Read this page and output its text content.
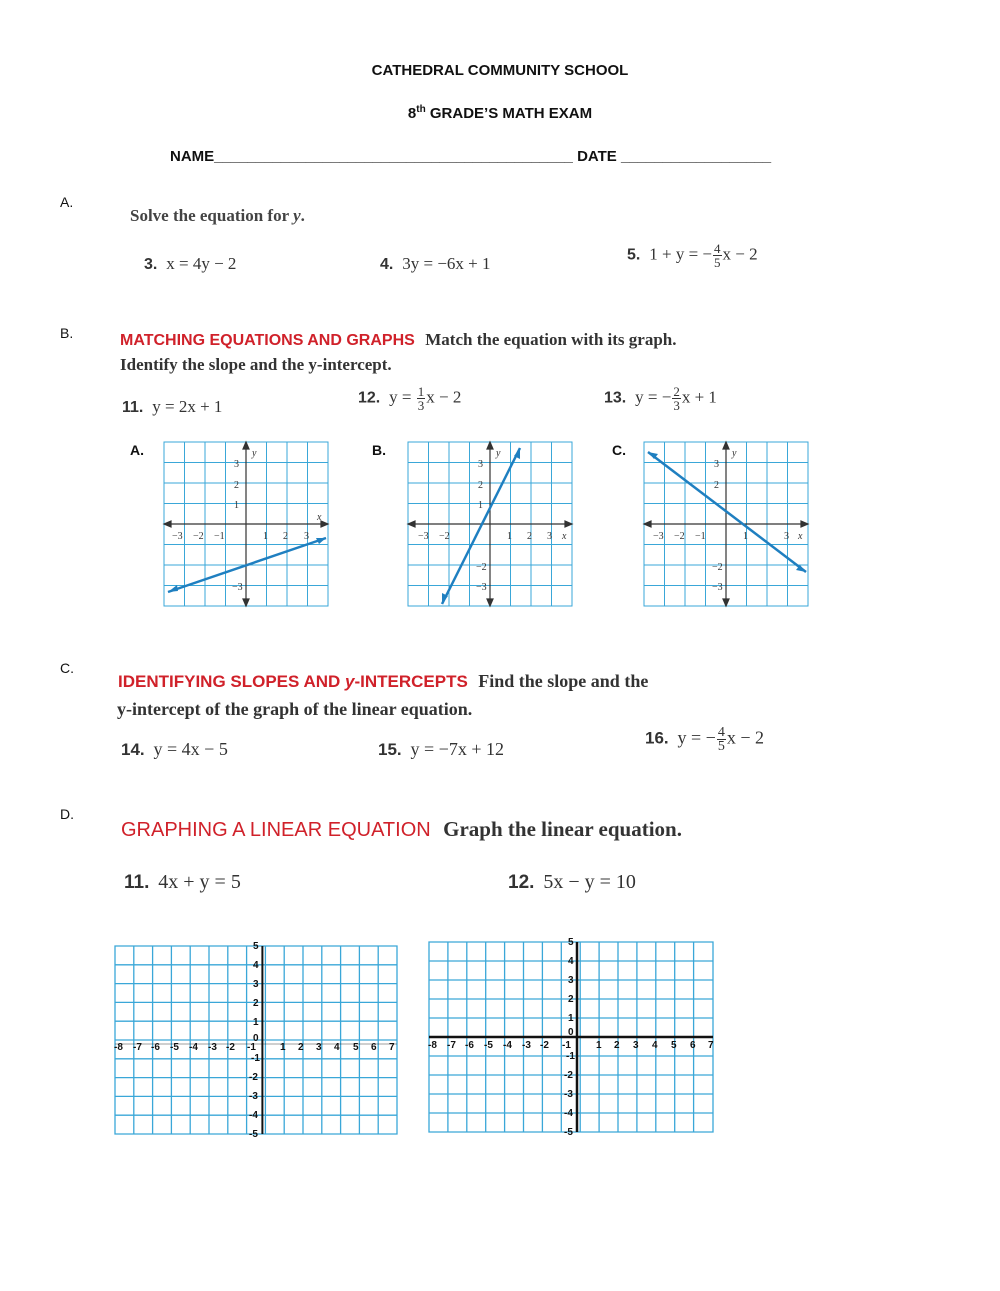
CATHEDRAL COMMUNITY SCHOOL
8th GRADE’S MATH EXAM
NAME___________________________________________ DATE __________________
A.
Solve the equation for y.
3. x = 4y − 2	4. 3y = −6x + 1	5. 1 + y = − $\frac{4}{5}$ x − 2
B.	MATCHING EQUATIONS AND GRAPHS Match the equation with its graph.
Identify the slope and the y-intercept.
11. y = 2x + 1	12. $y = \frac{1}{3}$ x − 2	13. y = − $\frac{2}{3}$ x + 1
A.	B.	C.
y
x
−3 −2 −1	1 2 3
3
2
1
−3
y
x
−3 −2	1 2 3
3
2
1
−2
−3
y
x
−3 −2 −1	1	3
3
2
−2
−3
C.
IDENTIFYING SLOPES AND y-INTERCEPTS Find the slope and the
y-intercept of the graph of the linear equation.
14. y = 4x − 5	15. y = −7x + 12
16. y = − $\frac{4}{5}$ x − 2
D.
GRAPHING A LINEAR EQUATION Graph the linear equation.
11. 4x + y = 5	12. 5x − y = 10
-8 -7 -6 -5 -4 -3 -2 -1 1 2 3 4 5 6 7
5
4
3
2
1
0
-1
-2
-3
-4
-5
-8 -7 -6 -5 -4 -3 -2 -1	1 2 3 4 5 6 7
5
4
3
2
1
0
-1
-2
-3
-4
-5
